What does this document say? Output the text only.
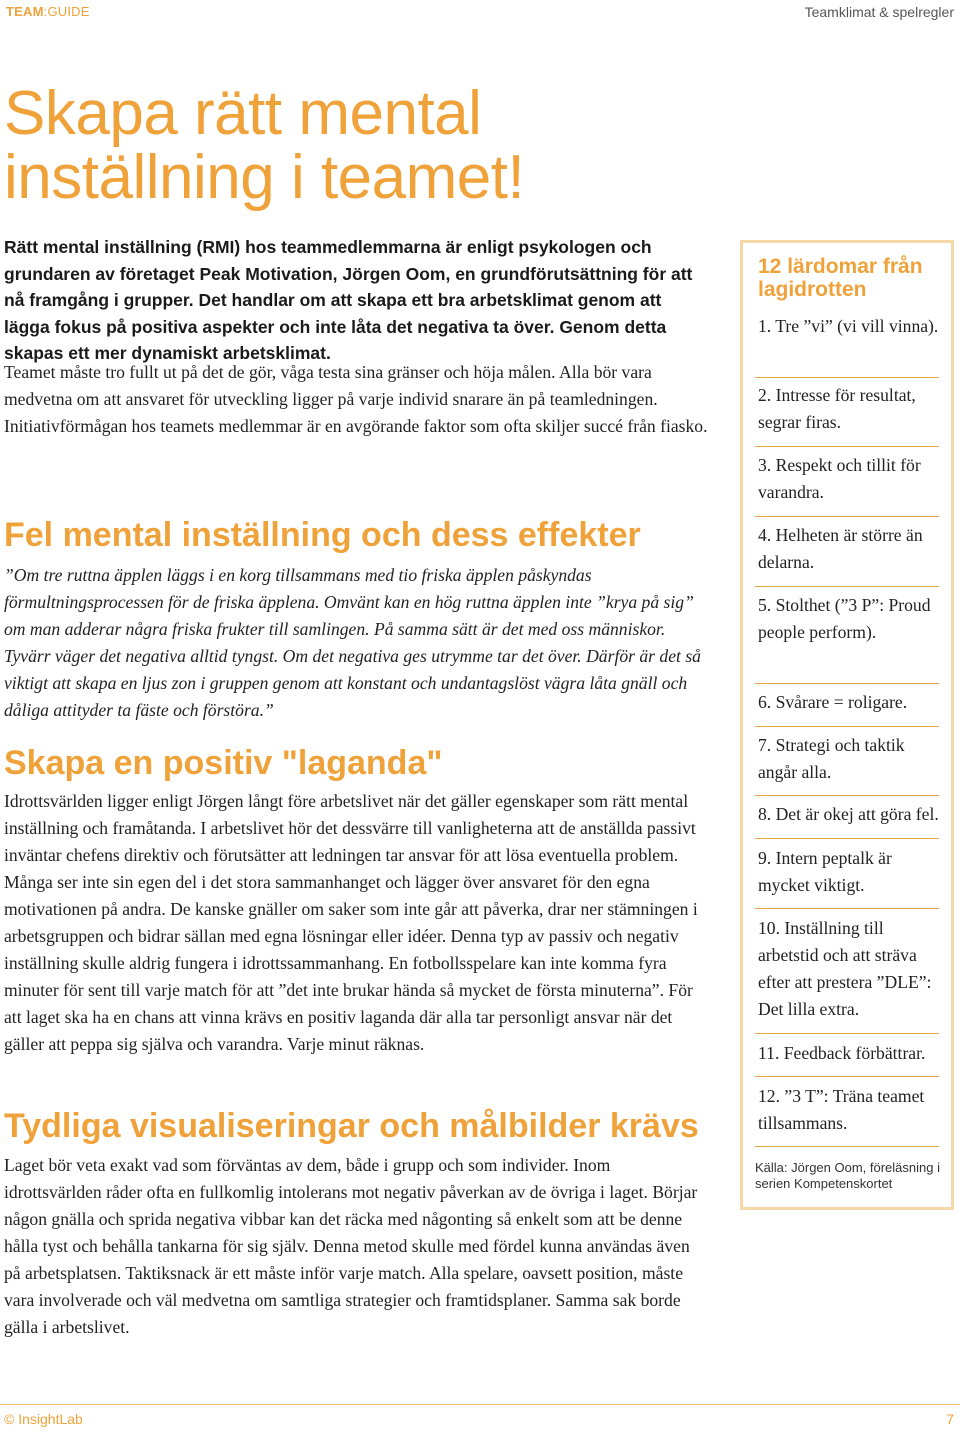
TEAM:GUIDE	Teamklimat & spelregler
Skapa rätt mental
inställning i teamet!

Rätt mental inställning (RMI) hos teammedlemmarna är enligt psykologen och grundaren av företaget Peak Motivation, Jörgen Oom, en grundförutsättning för att nå framgång i grupper. Det handlar om att skapa ett bra arbetsklimat genom att lägga fokus på positiva aspekter och inte låta det negativa ta över. Genom detta skapas ett mer dynamiskt arbetsklimat.

Teamet måste tro fullt ut på det de gör, våga testa sina gränser och höja målen. Alla bör vara medvetna om att ansvaret för utveckling ligger på varje individ snarare än på teamledningen. Initiativförmågan hos teamets medlemmar är en avgörande faktor som ofta skiljer succé från fiasko.

Fel mental inställning och dess effekter

”Om tre ruttna äpplen läggs i en korg tillsammans med tio friska äpplen påskyndas förmultningsprocessen för de friska äpplena. Omvänt kan en hög ruttna äpplen inte ”krya på sig” om man adderar några friska frukter till samlingen. På samma sätt är det med oss människor. Tyvärr väger det negativa alltid tyngst. Om det negativa ges utrymme tar det över. Därför är det så viktigt att skapa en ljus zon i gruppen genom att konstant och undantagslöst vägra låta gnäll och dåliga attityder ta fäste och förstöra.”

Skapa en positiv "laganda"

Idrottsvärlden ligger enligt Jörgen långt före arbetslivet när det gäller egenskaper som rätt mental inställning och framåtanda. I arbetslivet hör det dessvärre till vanligheterna att de anställda passivt inväntar chefens direktiv och förutsätter att ledningen tar ansvar för att lösa eventuella problem. Många ser inte sin egen del i det stora sammanhanget och lägger över ansvaret för den egna motivationen på andra. De kanske gnäller om saker som inte går att påverka, drar ner stämningen i arbetsgruppen och bidrar sällan med egna lösningar eller idéer. Denna typ av passiv och negativ inställning skulle aldrig fungera i idrottssammanhang. En fotbollsspelare kan inte komma fyra minuter för sent till varje match för att ”det inte brukar hända så mycket de första minuterna”. För att laget ska ha en chans att vinna krävs en positiv laganda där alla tar personligt ansvar när det gäller att peppa sig själva och varandra. Varje minut räknas.

Tydliga visualiseringar och målbilder krävs

Laget bör veta exakt vad som förväntas av dem, både i grupp och som individer. Inom idrottsvärlden råder ofta en fullkomlig intolerans mot negativ påverkan av de övriga i laget. Börjar någon gnälla och sprida negativa vibbar kan det räcka med någonting så enkelt som att be denne hålla tyst och behålla tankarna för sig själv. Denna metod skulle med fördel kunna användas även på arbetsplatsen. Taktiksnack är ett måste inför varje match. Alla spelare, oavsett position, måste vara involverade och väl medvetna om samtliga strategier och framtidsplaner. Samma sak borde gälla i arbetslivet.

12 lärdomar från lagidrotten

1. Tre ”vi” (vi vill vinna).

2. Intresse för resultat, segrar firas.

3. Respekt och tillit för varandra.

4. Helheten är större än delarna.

5. Stolthet (”3 P”: Proud people perform).

6. Svårare = roligare.

7. Strategi och taktik angår alla.

8. Det är okej att göra fel.

9. Intern peptalk är mycket viktigt.

10. Inställning till arbetstid och att sträva efter att prestera ”DLE”: Det lilla extra.

11. Feedback förbättrar.

12. ”3 T”: Träna teamet tillsammans.

Källa: Jörgen Oom, föreläsning i serien Kompetenskortet

© InsightLab	7
